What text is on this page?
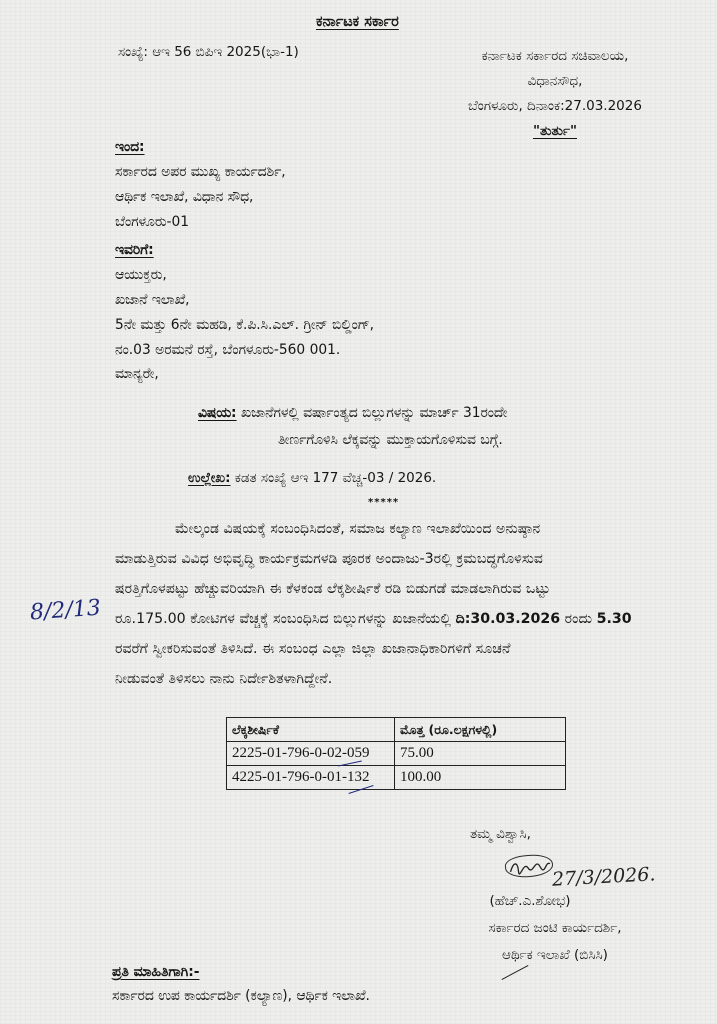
ಕರ್ನಾಟಕ ಸರ್ಕಾರ
ಸಂಖ್ಯೆ: ಆಇ 56 ಬಿಪಿಇ 2025(ಭಾ-1)	ಕರ್ನಾಟಕ ಸರ್ಕಾರದ ಸಚಿವಾಲಯ,
ವಿಧಾನಸೌಧ,
ಬೆಂಗಳೂರು, ದಿನಾಂಕ:27.03.2026
"ತುರ್ತು"
ಇಂದ:
ಸರ್ಕಾರದ ಅಪರ ಮುಖ್ಯ ಕಾರ್ಯದರ್ಶಿ,
ಆರ್ಥಿಕ ಇಲಾಖೆ, ವಿಧಾನ ಸೌಧ,
ಬೆಂಗಳೂರು-01
ಇವರಿಗೆ:
ಆಯುಕ್ತರು,
ಖಜಾನೆ ಇಲಾಖೆ,
5ನೇ ಮತ್ತು 6ನೇ ಮಹಡಿ, ಕೆ.ಪಿ.ಸಿ.ಎಲ್. ಗ್ರೀನ್ ಬಿಲ್ಡಿಂಗ್,
ನಂ.03 ಅರಮನೆ ರಸ್ತೆ, ಬೆಂಗಳೂರು-560 001.
ಮಾನ್ಯರೇ,
ವಿಷಯ: ಖಜಾನೆಗಳಲ್ಲಿ ವರ್ಷಾಂತ್ಯದ ಬಿಲ್ಲುಗಳನ್ನು ಮಾರ್ಚ್ 31ರಂದೇ
ತೀರ್ಣಗೊಳಿಸಿ ಲೆಕ್ಕವನ್ನು ಮುಕ್ತಾಯಗೊಳಿಸುವ ಬಗ್ಗೆ.
ಉಲ್ಲೇಖ: ಕಡತ ಸಂಖ್ಯೆ ಆಇ 177 ವೆಚ್ಚ-03 / 2026.
*****
ಮೇಲ್ಕಂಡ ವಿಷಯಕ್ಕೆ ಸಂಬಂಧಿಸಿದಂತೆ, ಸಮಾಜ ಕಲ್ಯಾಣ ಇಲಾಖೆಯಿಂದ ಅನುಷ್ಠಾನ
ಮಾಡುತ್ತಿರುವ ವಿವಿಧ ಅಭಿವೃದ್ಧಿ ಕಾರ್ಯಕ್ರಮಗಳಡಿ ಪೂರಕ ಅಂದಾಜು-3ರಲ್ಲಿ ಕ್ರಮಬದ್ಧಗೊಳಿಸುವ
ಷರತ್ತಿಗೊಳಪಟ್ಟು ಹೆಚ್ಚುವರಿಯಾಗಿ ಈ ಕೆಳಕಂಡ ಲೆಕ್ಕಶೀರ್ಷಿಕೆ ರಡಿ ಬಿಡುಗಡೆ ಮಾಡಲಾಗಿರುವ ಒಟ್ಟು
ರೂ.175.00 ಕೋಟಿಗಳ ವೆಚ್ಚಕ್ಕೆ ಸಂಬಂಧಿಸಿದ ಬಿಲ್ಲುಗಳನ್ನು ಖಜಾನೆಯಲ್ಲಿ ದಿ:30.03.2026 ರಂದು 5.30
ರವರೆಗೆ ಸ್ವೀಕರಿಸುವಂತೆ ತಿಳಿಸಿದೆ. ಈ ಸಂಬಂಧ ಎಲ್ಲಾ ಜಿಲ್ಲಾ ಖಜಾನಾಧಿಕಾರಿಗಳಿಗೆ ಸೂಚನೆ
ನೀಡುವಂತೆ ತಿಳಿಸಲು ನಾನು ನಿರ್ದೇಶಿತಳಾಗಿದ್ದೇನೆ.
8/2/13
ಲೆಕ್ಕಶೀರ್ಷಿಕೆ	ಮೊತ್ತ (ರೂ.ಲಕ್ಷಗಳಲ್ಲಿ)
2225-01-796-0-02-059	75.00
4225-01-796-0-01-132	100.00
ತಮ್ಮ ವಿಶ್ವಾಸಿ,
27/3/2026.
(ಹೆಚ್.ಎ.ಶೋಭ)
ಸರ್ಕಾರದ ಜಂಟಿ ಕಾರ್ಯದರ್ಶಿ,
ಆರ್ಥಿಕ ಇಲಾಖೆ (ಬಿಸಿಸಿ)
ಪ್ರತಿ ಮಾಹಿತಿಗಾಗಿ:-
ಸರ್ಕಾರದ ಉಪ ಕಾರ್ಯದರ್ಶಿ (ಕಲ್ಯಾಣ), ಆರ್ಥಿಕ ಇಲಾಖೆ.
